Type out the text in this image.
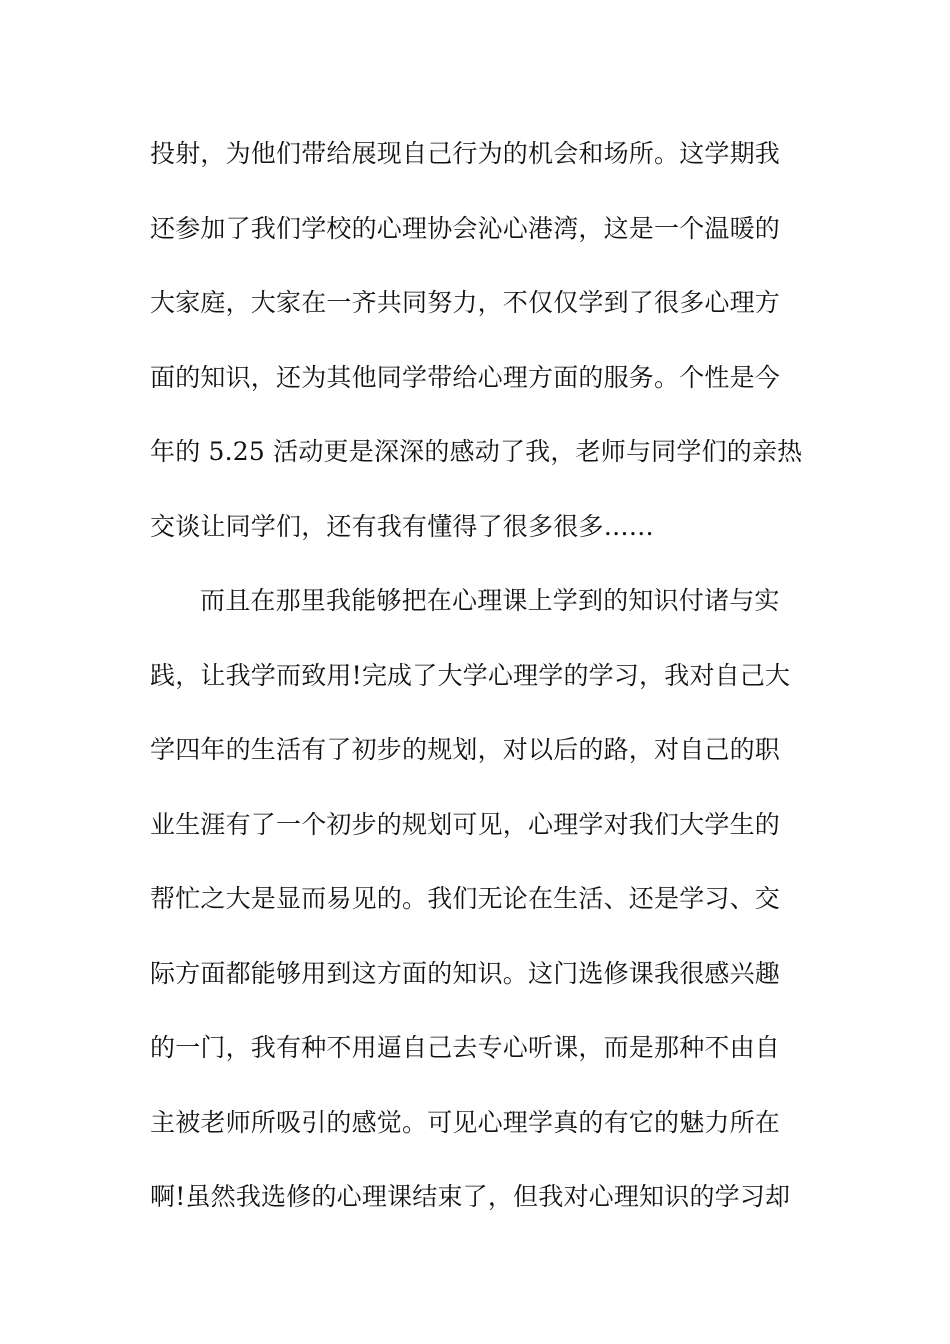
投射，为他们带给展现自己行为的机会和场所。这学期我
还参加了我们学校的心理协会沁心港湾，这是一个温暖的
大家庭，大家在一齐共同努力，不仅仅学到了很多心理方
面的知识，还为其他同学带给心理方面的服务。个性是今
年的 5.25 活动更是深深的感动了我，老师与同学们的亲热
交谈让同学们，还有我有懂得了很多很多……
而且在那里我能够把在心理课上学到的知识付诸与实
践，让我学而致用!完成了大学心理学的学习，我对自己大
学四年的生活有了初步的规划，对以后的路，对自己的职
业生涯有了一个初步的规划可见，心理学对我们大学生的
帮忙之大是显而易见的。我们无论在生活、还是学习、交
际方面都能够用到这方面的知识。这门选修课我很感兴趣
的一门，我有种不用逼自己去专心听课，而是那种不由自
主被老师所吸引的感觉。可见心理学真的有它的魅力所在
啊!虽然我选修的心理课结束了，但我对心理知识的学习却
